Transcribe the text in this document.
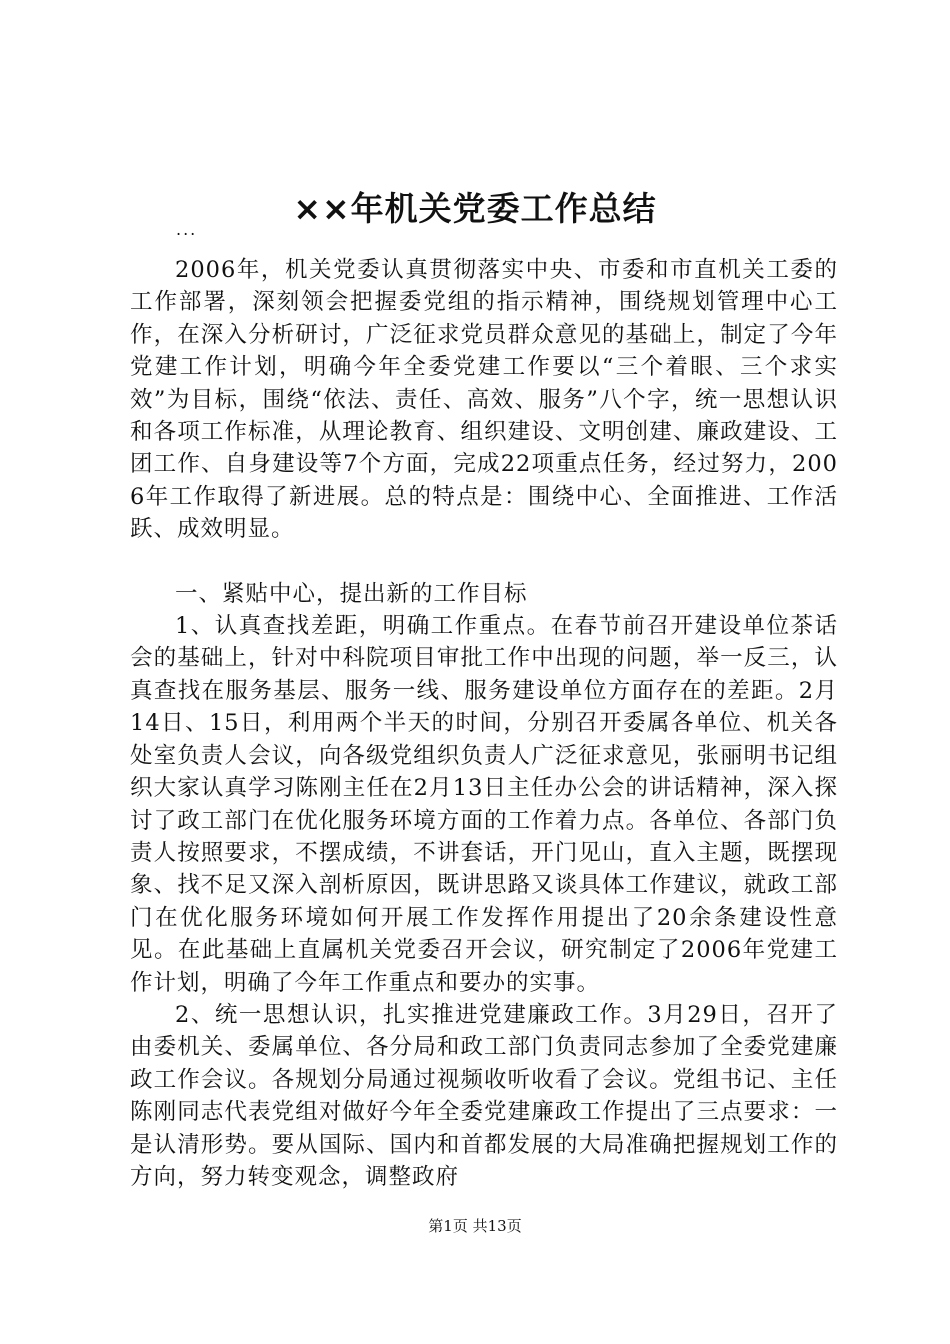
××年机关党委工作总结
...

2006年，机关党委认真贯彻落实中央、市委和市直机关工委的工作部署，深刻领会把握委党组的指示精神，围绕规划管理中心工作，在深入分析研讨，广泛征求党员群众意见的基础上，制定了今年党建工作计划，明确今年全委党建工作要以“三个着眼、三个求实效”为目标，围绕“依法、责任、高效、服务”八个字，统一思想认识和各项工作标准，从理论教育、组织建设、文明创建、廉政建设、工团工作、自身建设等7个方面，完成22项重点任务，经过努力，2006年工作取得了新进展。总的特点是：围绕中心、全面推进、工作活跃、成效明显。

一、紧贴中心，提出新的工作目标

1、认真查找差距，明确工作重点。在春节前召开建设单位茶话会的基础上，针对中科院项目审批工作中出现的问题，举一反三，认真查找在服务基层、服务一线、服务建设单位方面存在的差距。2月14日、15日，利用两个半天的时间，分别召开委属各单位、机关各处室负责人会议，向各级党组织负责人广泛征求意见，张丽明书记组织大家认真学习陈刚主任在2月13日主任办公会的讲话精神，深入探讨了政工部门在优化服务环境方面的工作着力点。各单位、各部门负责人按照要求，不摆成绩，不讲套话，开门见山，直入主题，既摆现象、找不足又深入剖析原因，既讲思路又谈具体工作建议，就政工部门在优化服务环境如何开展工作发挥作用提出了20余条建设性意见。在此基础上直属机关党委召开会议，研究制定了2006年党建工作计划，明确了今年工作重点和要办的实事。

2、统一思想认识，扎实推进党建廉政工作。3月29日，召开了由委机关、委属单位、各分局和政工部门负责同志参加了全委党建廉政工作会议。各规划分局通过视频收听收看了会议。党组书记、主任陈刚同志代表党组对做好今年全委党建廉政工作提出了三点要求：一是认清形势。要从国际、国内和首都发展的大局准确把握规划工作的方向，努力转变观念，调整政府

第1页 共13页
